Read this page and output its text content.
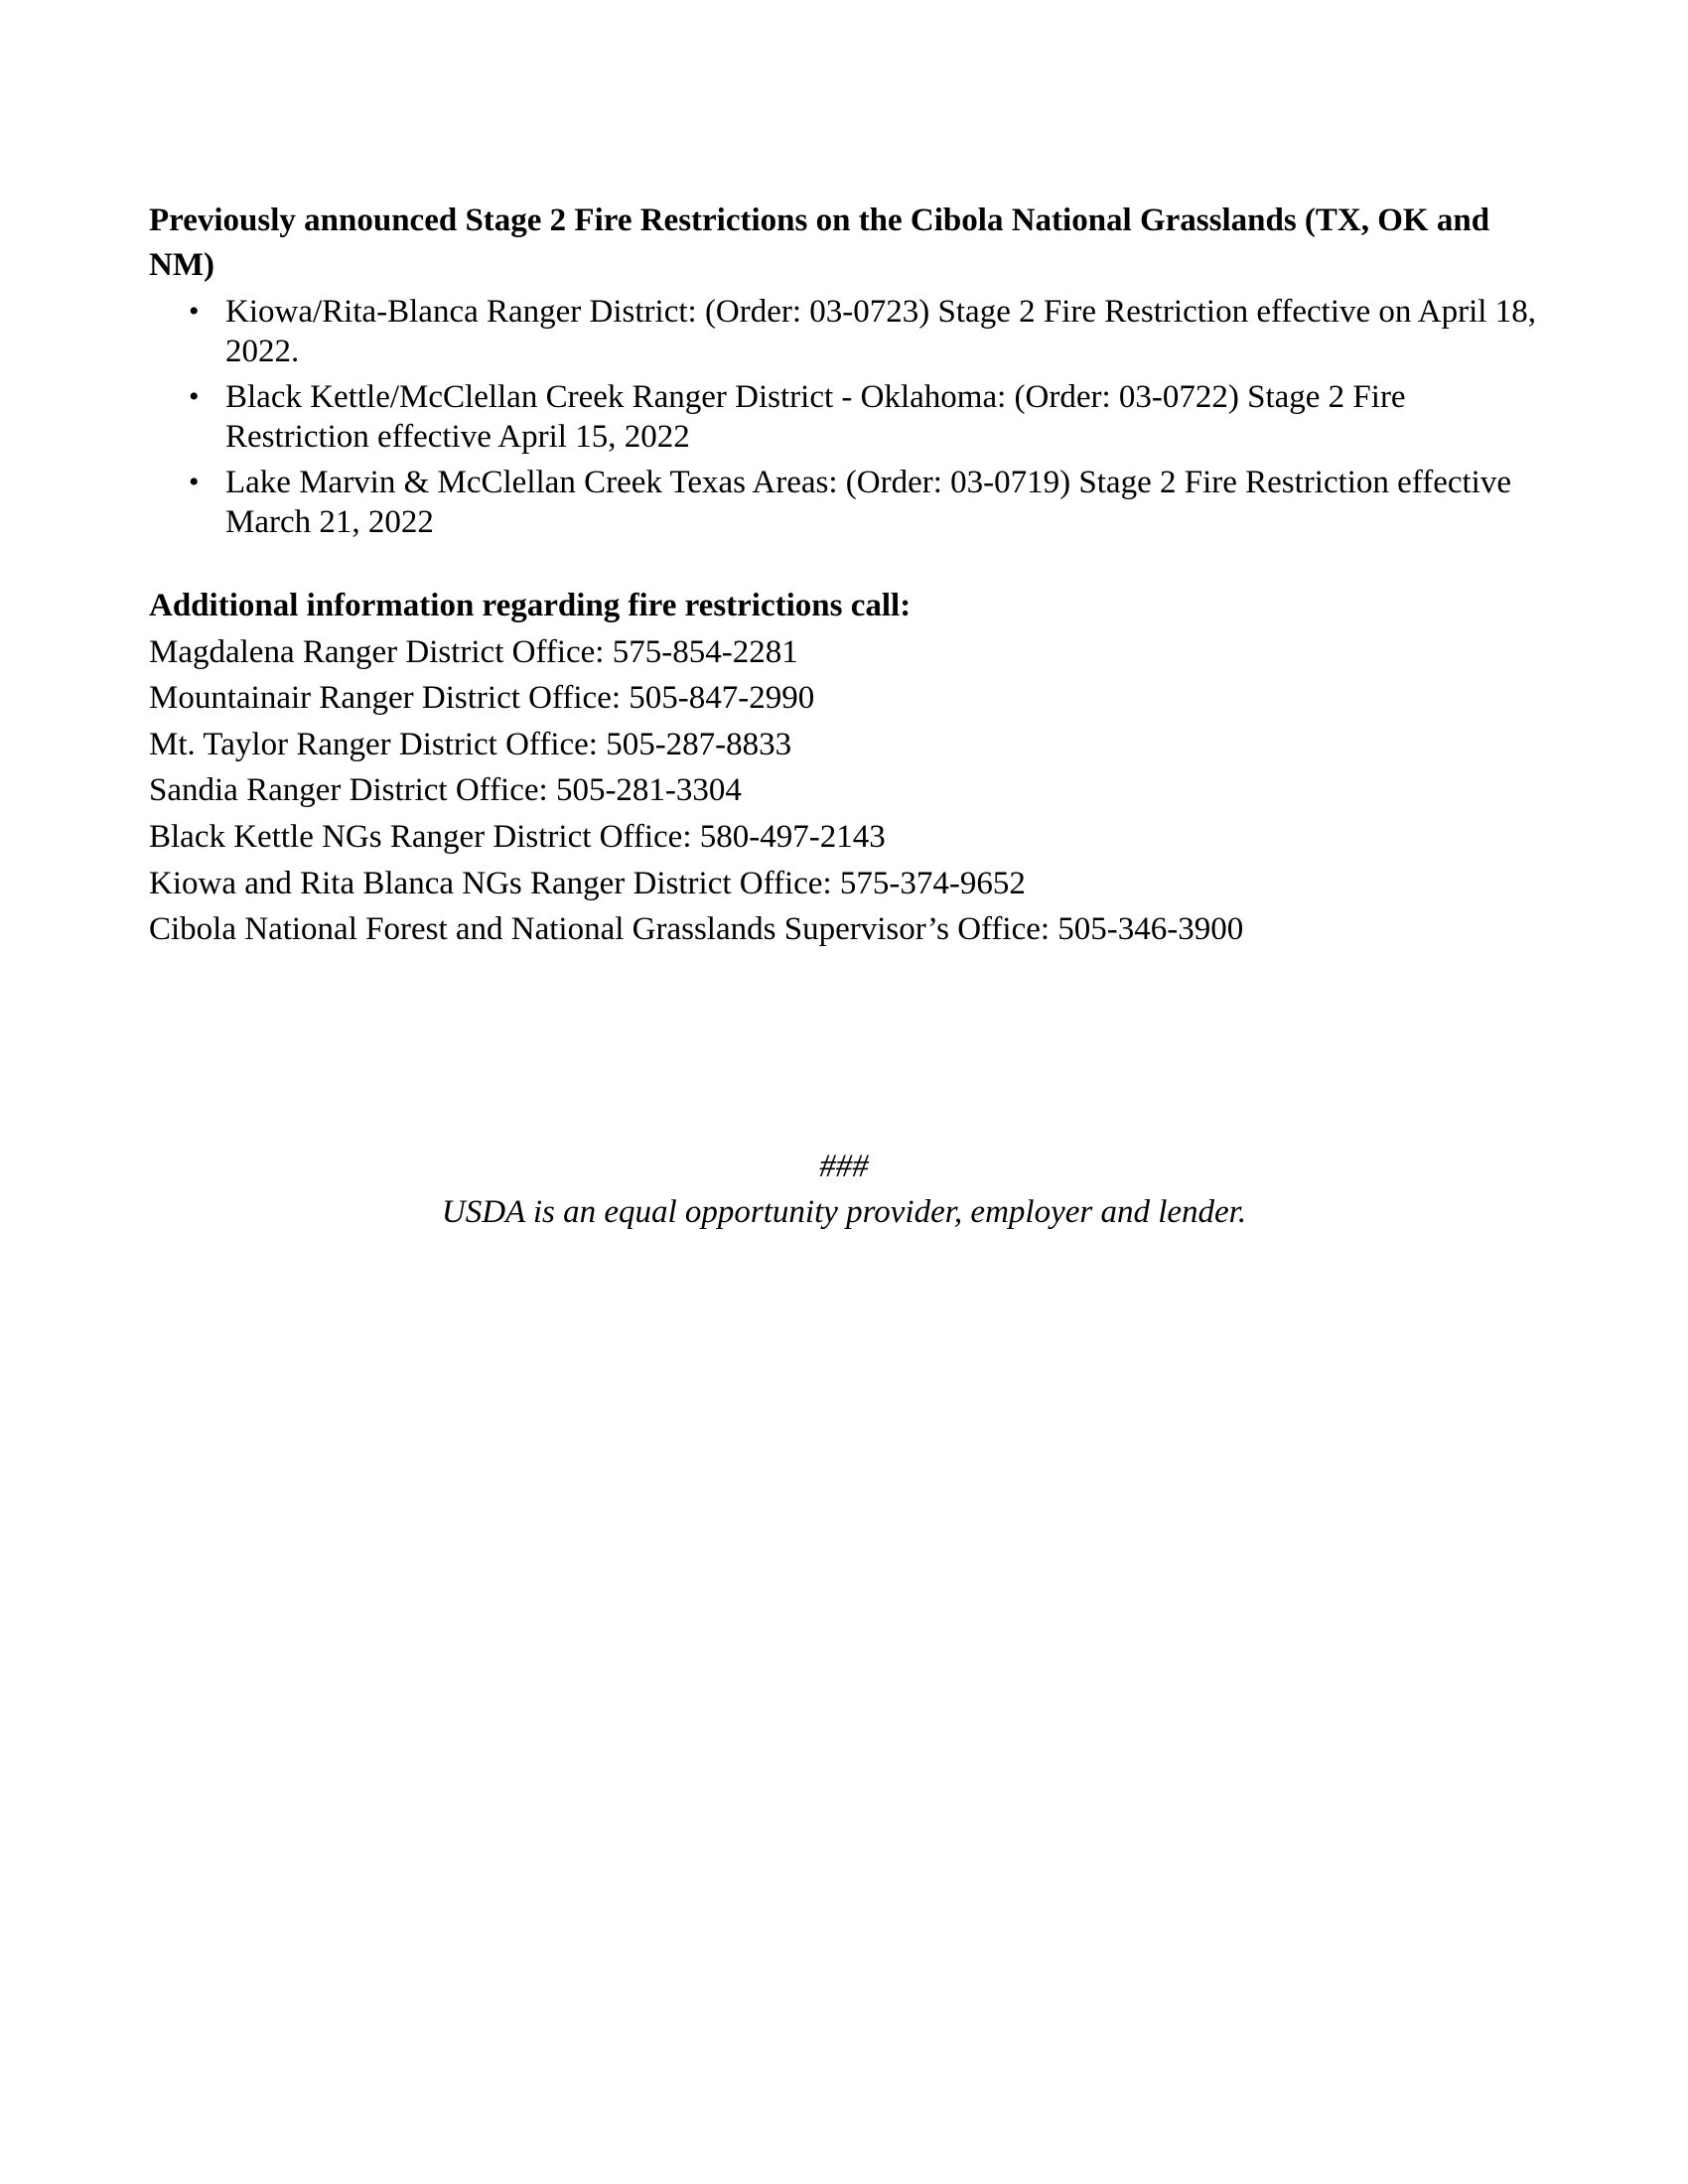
Previously announced Stage 2 Fire Restrictions on the Cibola National Grasslands (TX, OK and NM)
• Kiowa/Rita-Blanca Ranger District: (Order: 03-0723) Stage 2 Fire Restriction effective on April 18, 2022.
• Black Kettle/McClellan Creek Ranger District - Oklahoma: (Order: 03-0722) Stage 2 Fire Restriction effective April 15, 2022
• Lake Marvin & McClellan Creek Texas Areas: (Order: 03-0719) Stage 2 Fire Restriction effective March 21, 2022
Additional information regarding fire restrictions call:
Magdalena Ranger District Office: 575-854-2281
Mountainair Ranger District Office: 505-847-2990
Mt. Taylor Ranger District Office: 505-287-8833
Sandia Ranger District Office: 505-281-3304
Black Kettle NGs Ranger District Office: 580-497-2143
Kiowa and Rita Blanca NGs Ranger District Office: 575-374-9652
Cibola National Forest and National Grasslands Supervisor’s Office: 505-346-3900
###
USDA is an equal opportunity provider, employer and lender.
